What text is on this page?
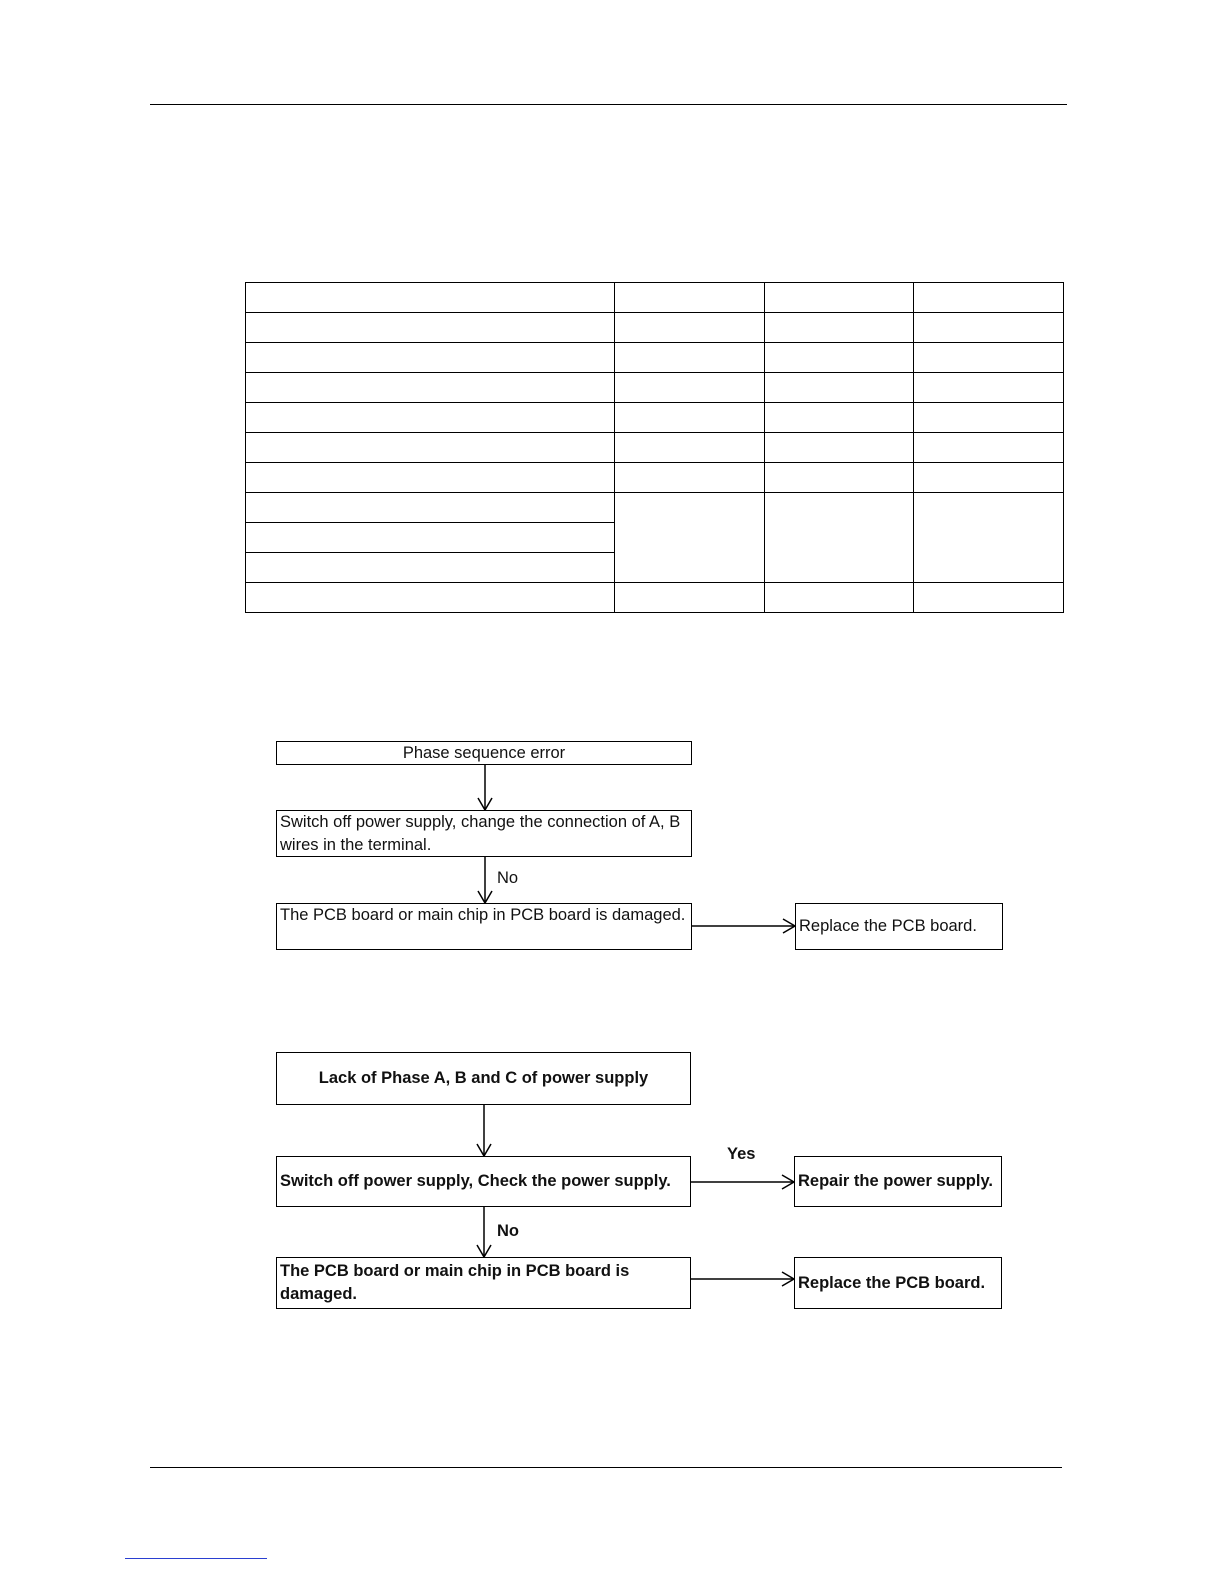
Phase sequence error
Switch off power supply, change the connection of A, B wires in the terminal.
No
The PCB board or main chip in PCB board is damaged.
Replace the PCB board.
Lack of Phase A, B and C of power supply
Switch off power supply, Check the power supply.
Yes
Repair the power supply.
No
The PCB board or main chip in PCB board is damaged.
Replace the PCB board.
